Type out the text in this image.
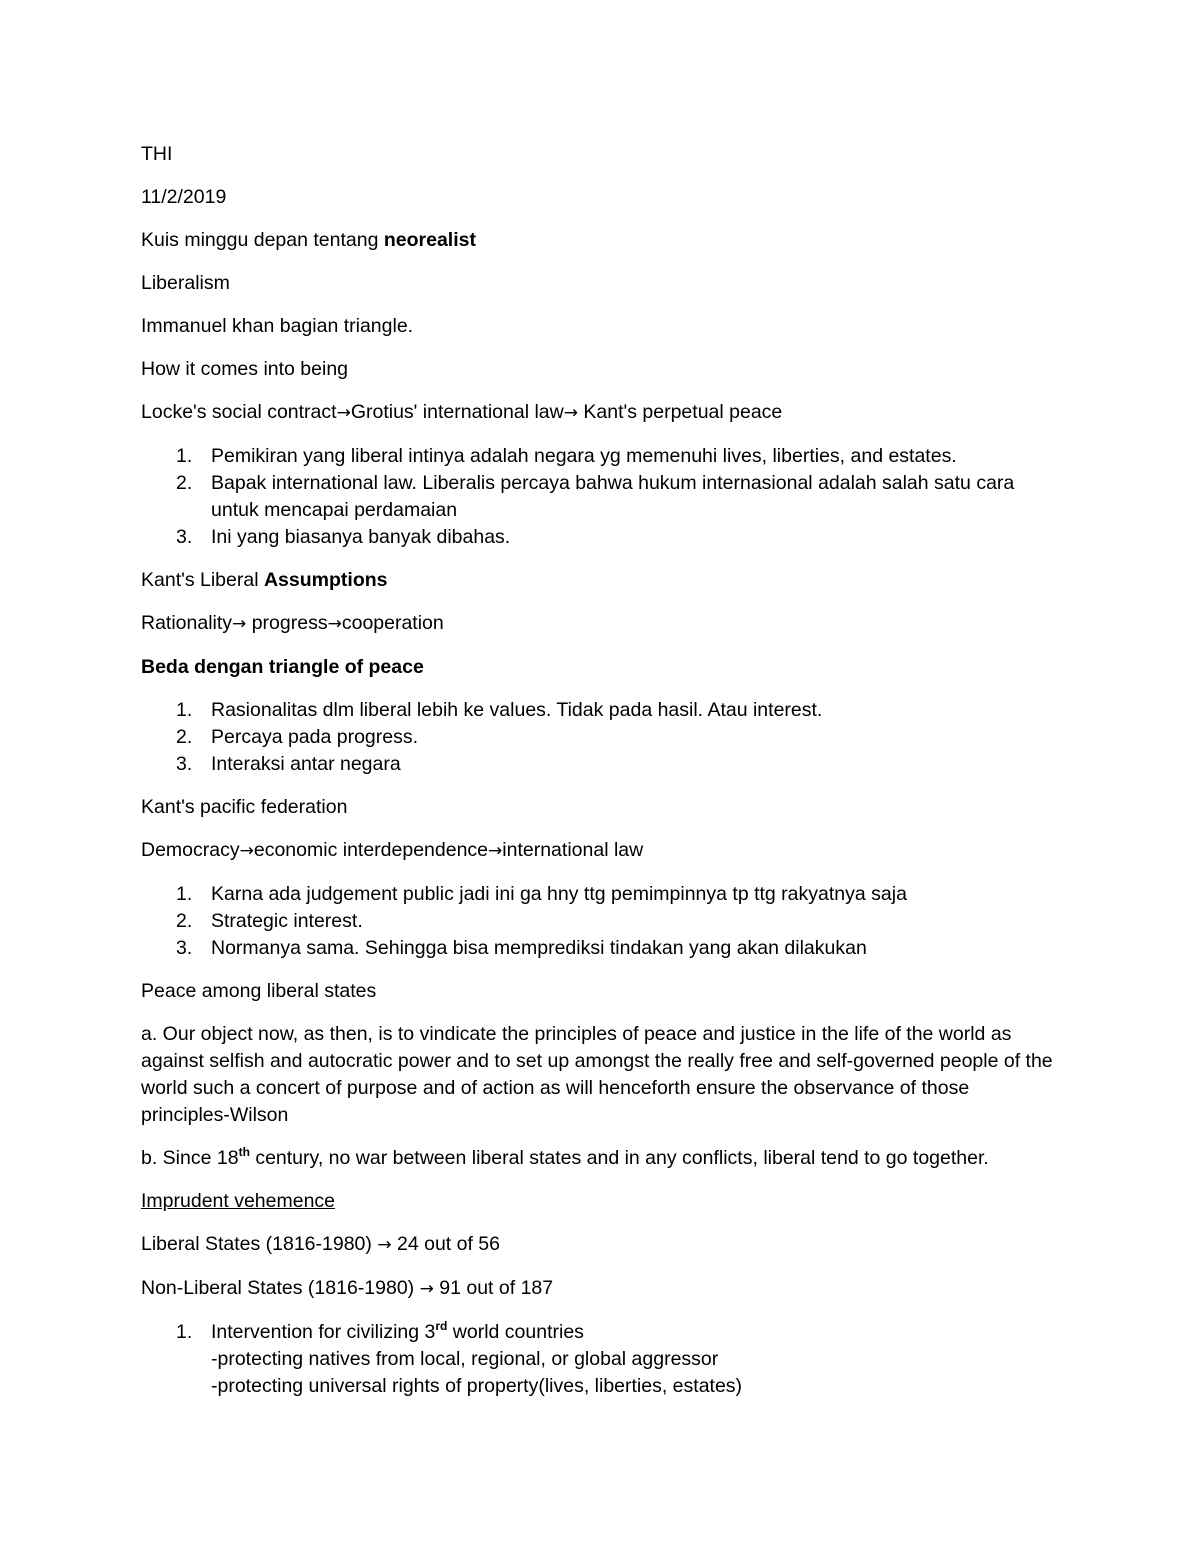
THI

11/2/2019

Kuis minggu depan tentang neorealist

Liberalism

Immanuel khan bagian triangle.

How it comes into being

Locke's social contract→Grotius' international law→ Kant's perpetual peace

1. Pemikiran yang liberal intinya adalah negara yg memenuhi lives, liberties, and estates.
2. Bapak international law. Liberalis percaya bahwa hukum internasional adalah salah satu cara untuk mencapai perdamaian
3. Ini yang biasanya banyak dibahas.

Kant's Liberal Assumptions

Rationality→ progress→cooperation

Beda dengan triangle of peace

1. Rasionalitas dlm liberal lebih ke values. Tidak pada hasil. Atau interest.
2. Percaya pada progress.
3. Interaksi antar negara

Kant's pacific federation

Democracy→economic interdependence→international law

1. Karna ada judgement public jadi ini ga hny ttg pemimpinnya tp ttg rakyatnya saja
2. Strategic interest.
3. Normanya sama. Sehingga bisa memprediksi tindakan yang akan dilakukan

Peace among liberal states

a. Our object now, as then, is to vindicate the principles of peace and justice in the life of the world as against selfish and autocratic power and to set up amongst the really free and self-governed people of the world such a concert of purpose and of action as will henceforth ensure the observance of those principles-Wilson

b. Since 18th century, no war between liberal states and in any conflicts, liberal tend to go together.

Imprudent vehemence

Liberal States (1816-1980) → 24 out of 56

Non-Liberal States (1816-1980) → 91 out of 187

1. Intervention for civilizing 3rd world countries
-protecting natives from local, regional, or global aggressor
-protecting universal rights of property(lives, liberties, estates)
